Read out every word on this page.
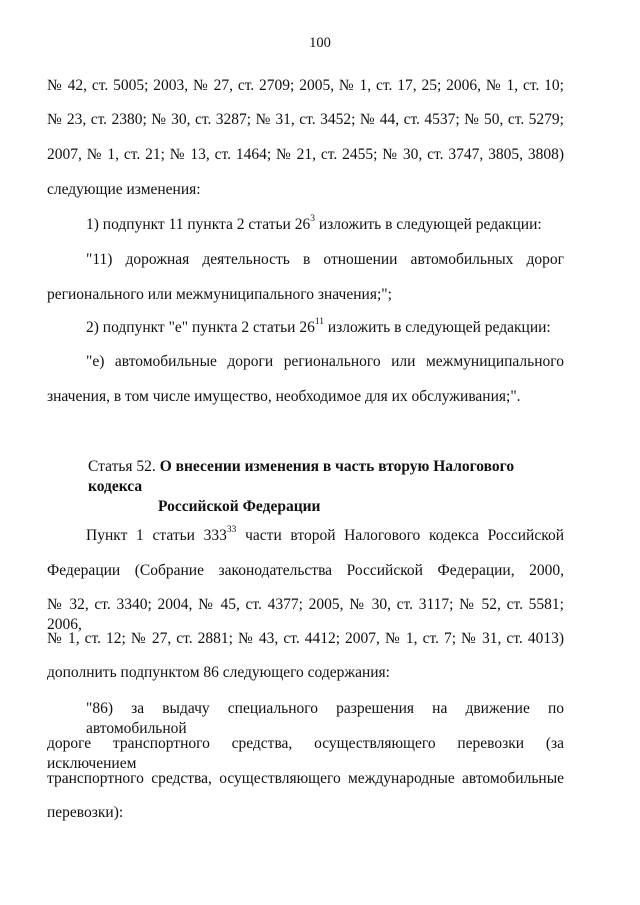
100
№ 42, ст. 5005; 2003, № 27, ст. 2709; 2005, № 1, ст. 17, 25; 2006, № 1, ст. 10;
№ 23, ст. 2380; № 30, ст. 3287; № 31, ст. 3452; № 44, ст. 4537; № 50, ст. 5279;
2007, № 1, ст. 21; № 13, ст. 1464; № 21, ст. 2455; № 30, ст. 3747, 3805, 3808)
следующие изменения:
1) подпункт 11 пункта 2 статьи $26^3$ изложить в следующей редакции:
"11) дорожная деятельность в отношении автомобильных дорог
регионального или межмуниципального значения;";
2) подпункт "е" пункта 2 статьи $26^{11}$ изложить в следующей редакции:
"е) автомобильные дороги регионального или межмуниципального
значения, в том числе имущество, необходимое для их обслуживания;".
Статья 52. О внесении изменения в часть вторую Налогового кодекса
Российской Федерации
Пункт 1 статьи $333^{33}$ части второй Налогового кодекса Российской
Федерации (Собрание законодательства Российской Федерации, 2000,
№ 32, ст. 3340; 2004, № 45, ст. 4377; 2005, № 30, ст. 3117; № 52, ст. 5581; 2006,
№ 1, ст. 12; № 27, ст. 2881; № 43, ст. 4412; 2007, № 1, ст. 7; № 31, ст. 4013)
дополнить подпунктом 86 следующего содержания:
"86) за выдачу специального разрешения на движение по автомобильной
дороге транспортного средства, осуществляющего перевозки (за исключением
транспортного средства, осуществляющего международные автомобильные
перевозки):
